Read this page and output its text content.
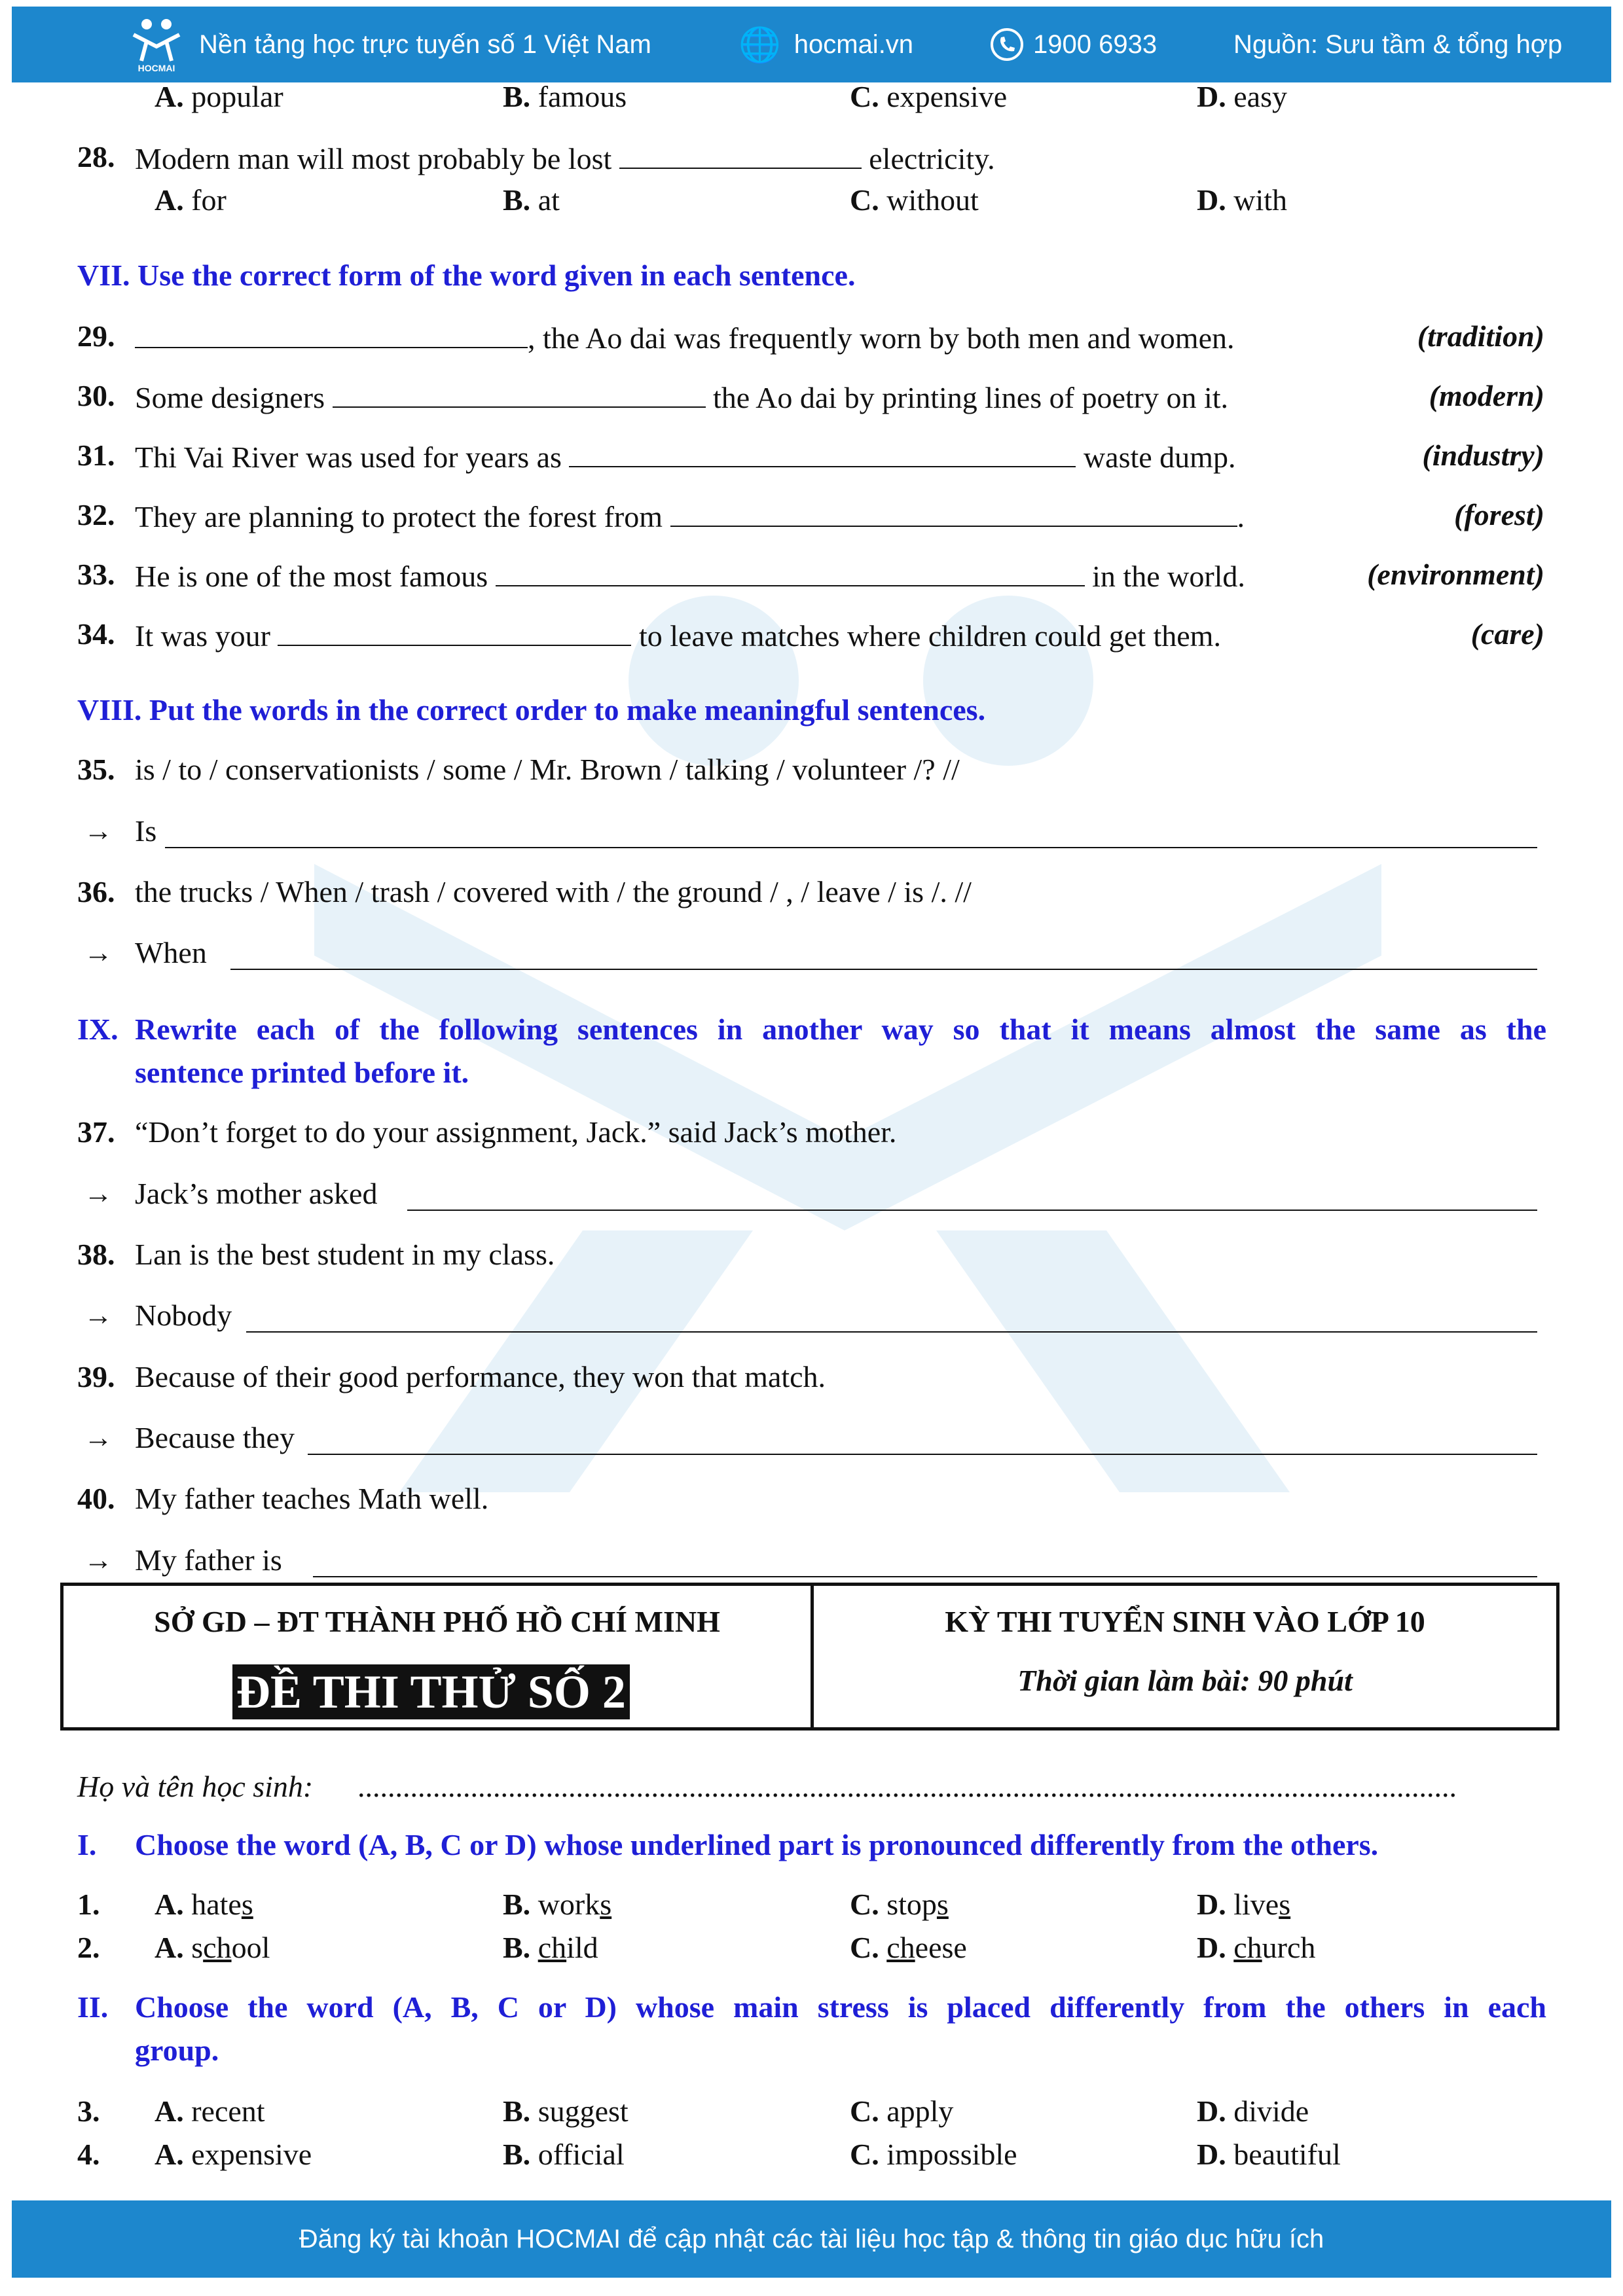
HOCMAI
Nền tảng học trực tuyến số 1 Việt Nam	🌐 hocmai.vn	1900 6933	Nguồn: Sưu tầm & tổng hợp
A. popular	B. famous	C. expensive	D. easy
28. Modern man will most probably be lost	electricity.
A. for	B. at	C. without	D. with
VII. Use the correct form of the word given in each sentence.
29.	, the Ao dai was frequently worn by both men and women.	(tradition)
30. Some designers	the Ao dai by printing lines of poetry on it.	(modern)
31. Thi Vai River was used for years as	waste dump.	(industry)
32. They are planning to protect the forest from	.	(forest)
33. He is one of the most famous	in the world.	(environment)
34. It was your	to leave matches where children could get them.	(care)
VIII. Put the words in the correct order to make meaningful sentences.
35. is / to / conservationists / some / Mr. Brown / talking / volunteer /? //
→ Is
36. the trucks / When / trash / covered with / the ground / , / leave / is /. //
→ When
IX. Rewrite each of the following sentences in another way so that it means almost the same as the
sentence printed before it.
37. “Don’t forget to do your assignment, Jack.” said Jack’s mother.
→ Jack’s mother asked
38. Lan is the best student in my class.
→ Nobody
39. Because of their good performance, they won that match.
→ Because they
40. My father teaches Math well.
→ My father is
SỞ GD – ĐT THÀNH PHỐ HỒ CHÍ MINH
ĐỀ THI THỬ SỐ 2
KỲ THI TUYỂN SINH VÀO LỚP 10
Thời gian làm bài: 90 phút
Họ và tên học sinh: ..................................................................................................................................................
I. Choose the word (A, B, C or D) whose underlined part is pronounced differently from the others.
1. A. hates	B. works	C. stops	D. lives
2. A. school	B. child	C. cheese	D. church
II. Choose the word (A, B, C or D) whose main stress is placed differently from the others in each
group.
3. A. recent	B. suggest	C. apply	D. divide
4. A. expensive	B. official	C. impossible	D. beautiful
Đăng ký tài khoản HOCMAI để cập nhật các tài liệu học tập & thông tin giáo dục hữu ích
